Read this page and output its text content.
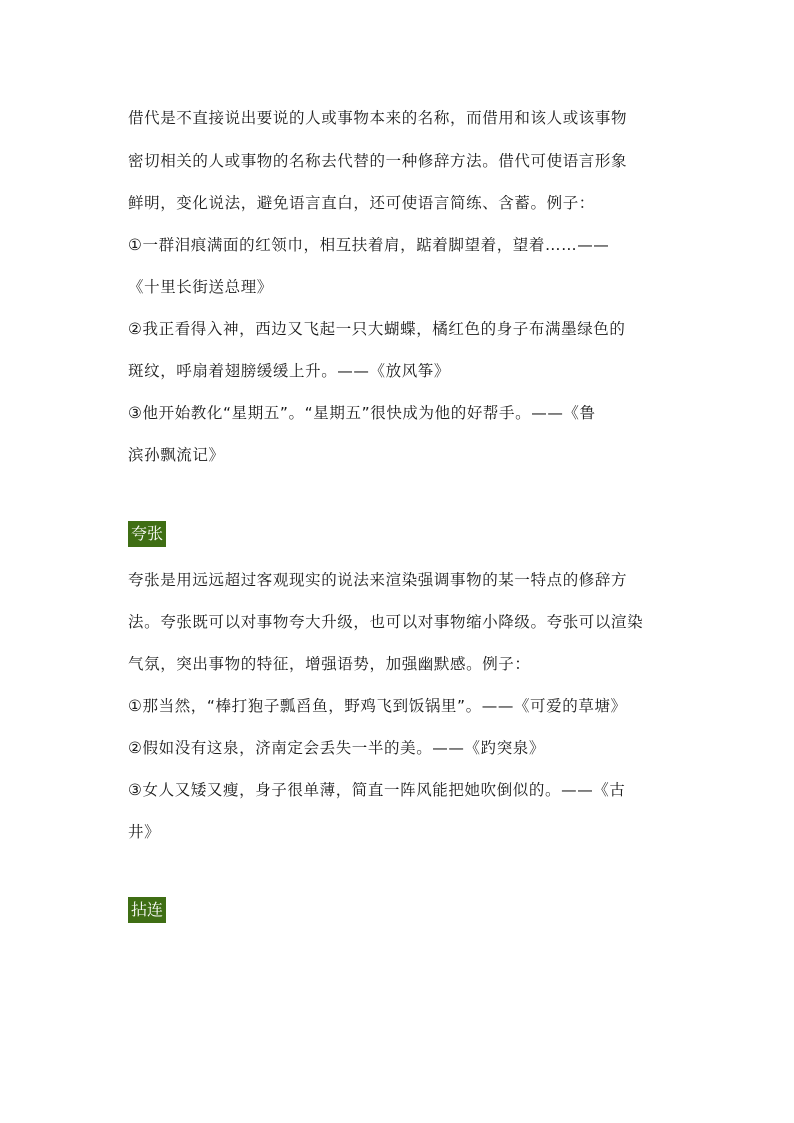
借代是不直接说出要说的人或事物本来的名称，而借用和该人或该事物
密切相关的人或事物的名称去代替的一种修辞方法。借代可使语言形象
鲜明，变化说法，避免语言直白，还可使语言简练、含蓄。例子：
①一群泪痕满面的红领巾，相互扶着肩，踮着脚望着，望着……——
《十里长街送总理》
②我正看得入神，西边又飞起一只大蝴蝶，橘红色的身子布满墨绿色的
斑纹，呼扇着翅膀缓缓上升。——《放风筝》
③他开始教化“星期五”。“星期五”很快成为他的好帮手。——《鲁
滨孙飘流记》
夸张
夸张是用远远超过客观现实的说法来渲染强调事物的某一特点的修辞方
法。夸张既可以对事物夸大升级，也可以对事物缩小降级。夸张可以渲染
气氛，突出事物的特征，增强语势，加强幽默感。例子：
①那当然，“棒打狍子瓢舀鱼，野鸡飞到饭锅里”。——《可爱的草塘》
②假如没有这泉，济南定会丢失一半的美。——《趵突泉》
③女人又矮又瘦，身子很单薄，简直一阵风能把她吹倒似的。——《古
井》
拈连
